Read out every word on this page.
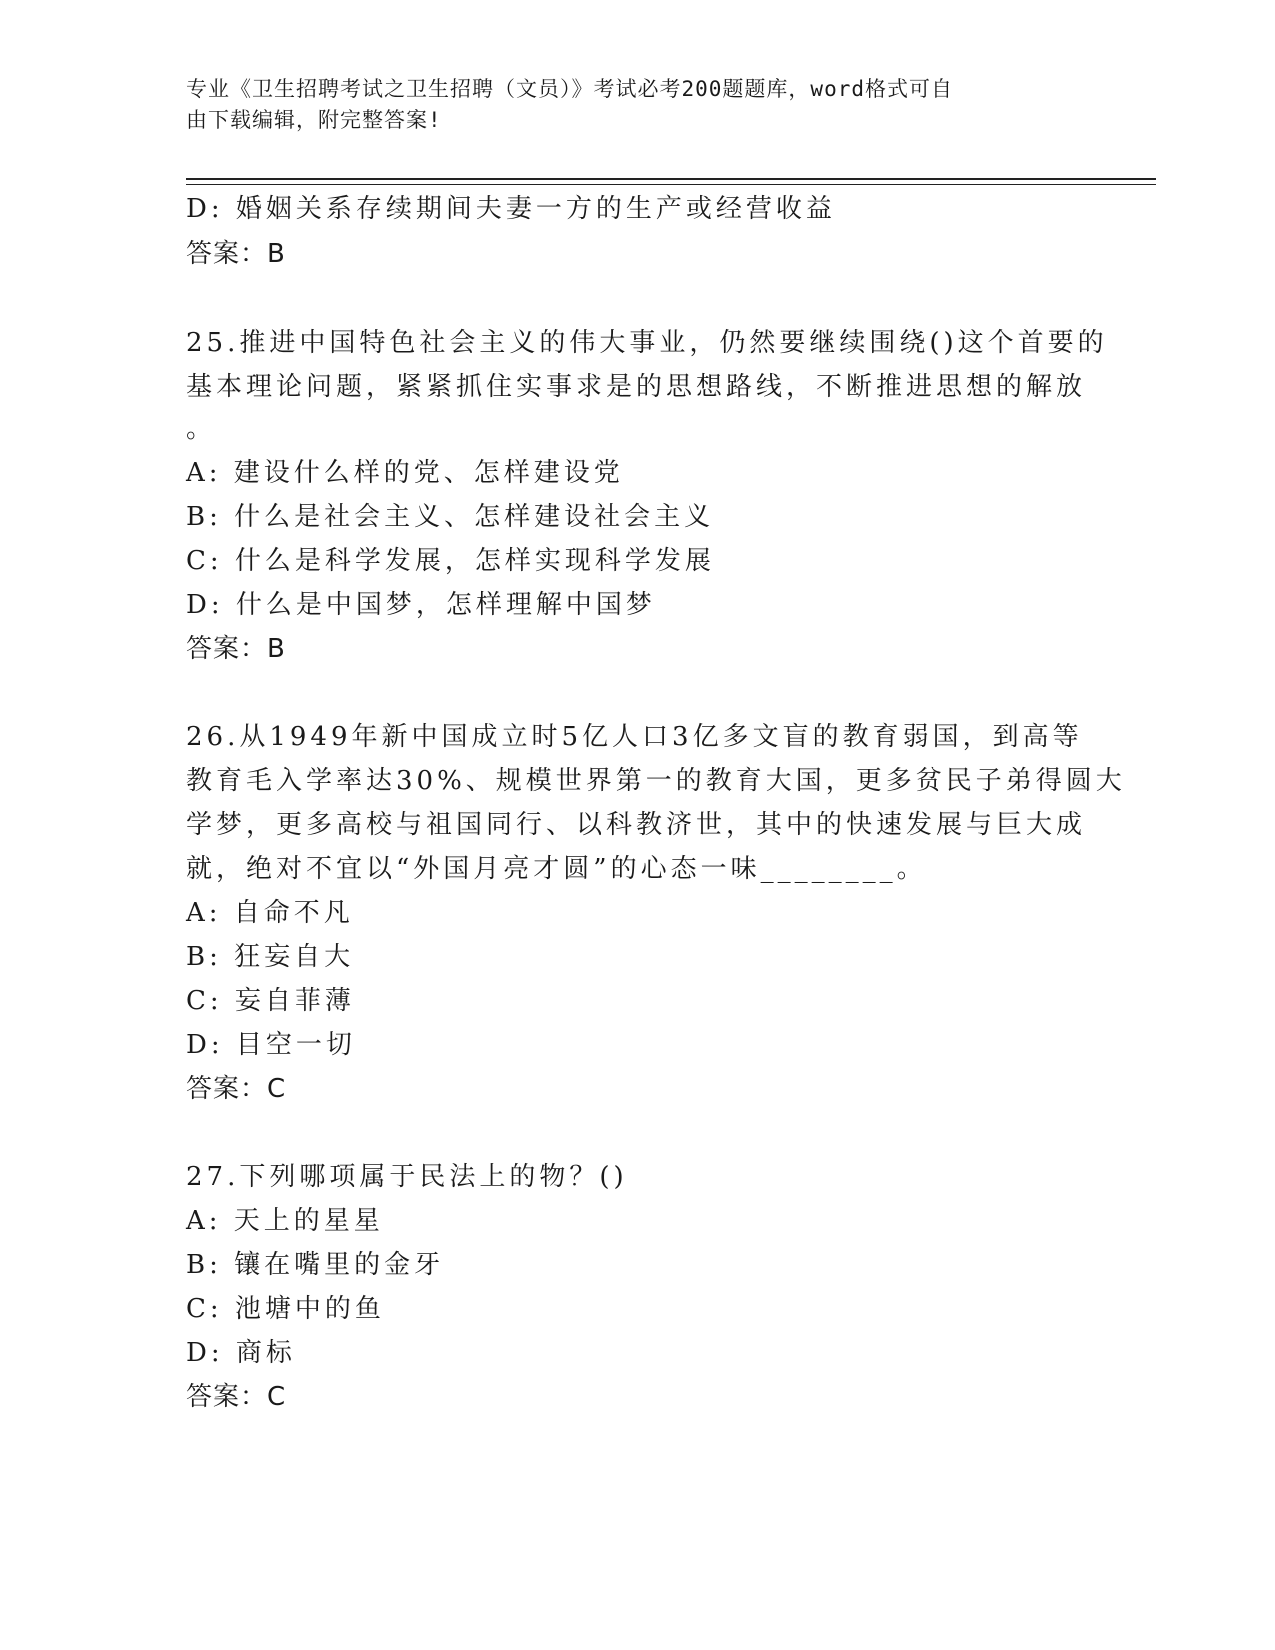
专业《卫生招聘考试之卫生招聘（文员）》考试必考200题题库，word格式可自
由下载编辑，附完整答案!
D: 婚姻关系存续期间夫妻一方的生产或经营收益
答案：B
25.推进中国特色社会主义的伟大事业，仍然要继续围绕()这个首要的
基本理论问题，紧紧抓住实事求是的思想路线，不断推进思想的解放
。
A: 建设什么样的党、怎样建设党
B: 什么是社会主义、怎样建设社会主义
C: 什么是科学发展，怎样实现科学发展
D: 什么是中国梦，怎样理解中国梦
答案：B
26.从1949年新中国成立时5亿人口3亿多文盲的教育弱国，到高等
教育毛入学率达30%、规模世界第一的教育大国，更多贫民子弟得圆大
学梦，更多高校与祖国同行、以科教济世，其中的快速发展与巨大成
就，绝对不宜以“外国月亮才圆”的心态一味________。
A: 自命不凡
B: 狂妄自大
C: 妄自菲薄
D: 目空一切
答案：C
27.下列哪项属于民法上的物？()
A: 天上的星星
B: 镶在嘴里的金牙
C: 池塘中的鱼
D: 商标
答案：C
